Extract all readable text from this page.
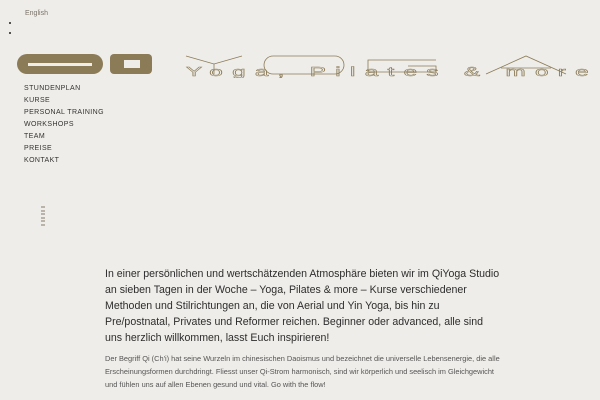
English
Yoga, Pilates & more
STUNDENPLAN
KURSE
PERSONAL TRAINING
WORKSHOPS
TEAM
PREISE
KONTAKT

In einer persönlichen und wertschätzenden Atmosphäre bieten wir im QiYoga Studio an sieben Tagen in der Woche – Yoga, Pilates & more – Kurse verschiedener Methoden und Stilrichtungen an, die von Aerial und Yin Yoga, bis hin zu Pre/postnatal, Privates und Reformer reichen. Beginner oder advanced, alle sind uns herzlich willkommen, lasst Euch inspirieren!

Der Begriff Qi (Ch'i) hat seine Wurzeln im chinesischen Daoismus und bezeichnet die universelle Lebensenergie, die alle Erscheinungsformen durchdringt. Fliesst unser Qi-Strom harmonisch, sind wir körperlich und seelisch im Gleichgewicht und fühlen uns auf allen Ebenen gesund und vital. Go with the flow!
